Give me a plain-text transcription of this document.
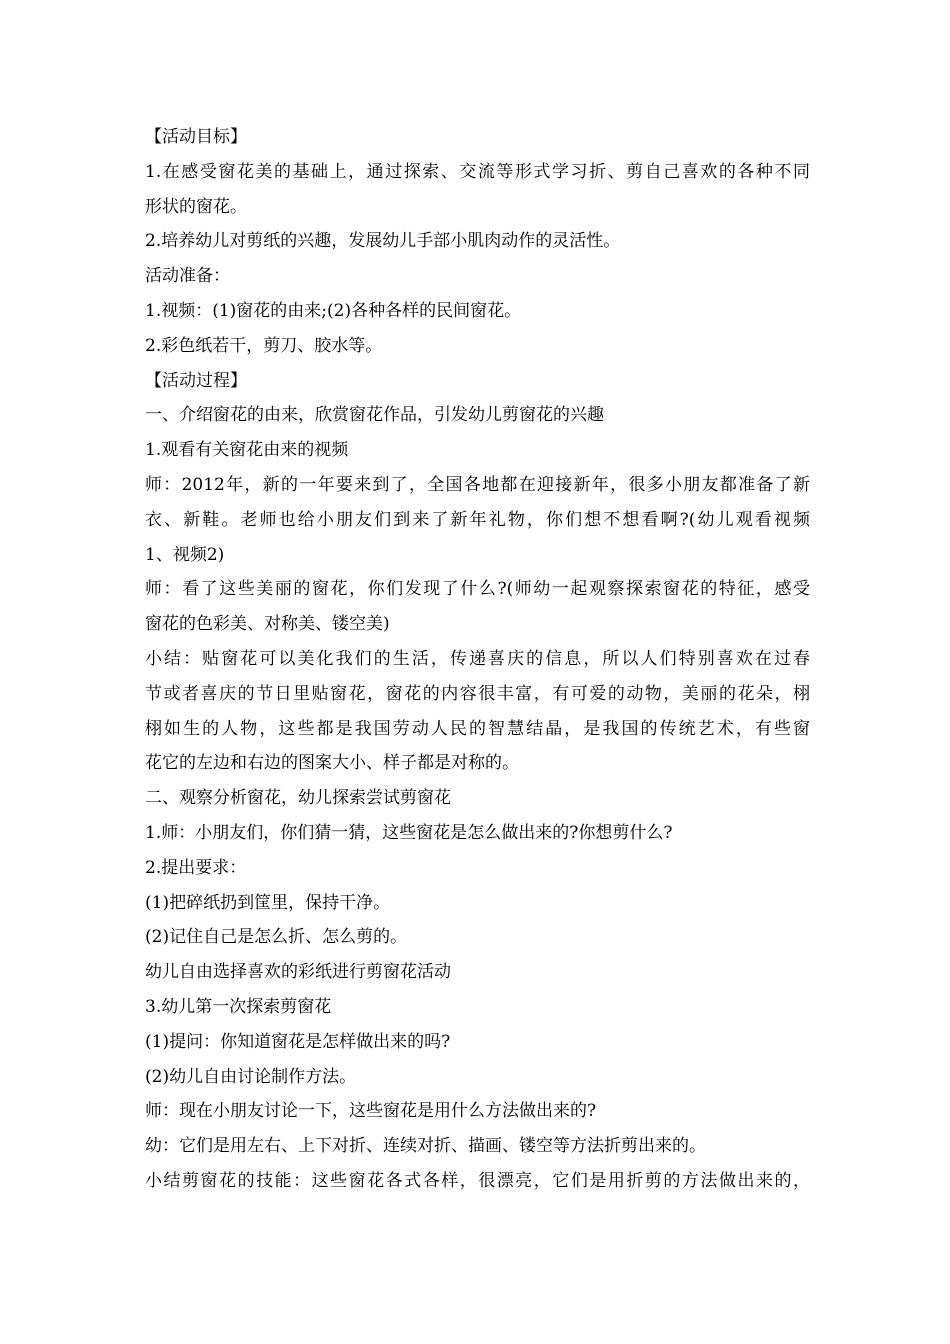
【活动目标】
1.在感受窗花美的基础上，通过探索、交流等形式学习折、剪自己喜欢的各种不同
形状的窗花。
2.培养幼儿对剪纸的兴趣，发展幼儿手部小肌肉动作的灵活性。
活动准备：
1.视频：(1)窗花的由来;(2)各种各样的民间窗花。
2.彩色纸若干，剪刀、胶水等。
【活动过程】
一、介绍窗花的由来，欣赏窗花作品，引发幼儿剪窗花的兴趣
1.观看有关窗花由来的视频
师：2012年，新的一年要来到了，全国各地都在迎接新年，很多小朋友都准备了新
衣、新鞋。老师也给小朋友们到来了新年礼物，你们想不想看啊?(幼儿观看视频
1、视频2)
师：看了这些美丽的窗花，你们发现了什么?(师幼一起观察探索窗花的特征，感受
窗花的色彩美、对称美、镂空美)
小结：贴窗花可以美化我们的生活，传递喜庆的信息，所以人们特别喜欢在过春
节或者喜庆的节日里贴窗花，窗花的内容很丰富，有可爱的动物，美丽的花朵，栩
栩如生的人物，这些都是我国劳动人民的智慧结晶，是我国的传统艺术，有些窗
花它的左边和右边的图案大小、样子都是对称的。
二、观察分析窗花，幼儿探索尝试剪窗花
1.师：小朋友们，你们猜一猜，这些窗花是怎么做出来的?你想剪什么?
2.提出要求：
(1)把碎纸扔到筐里，保持干净。
(2)记住自己是怎么折、怎么剪的。
幼儿自由选择喜欢的彩纸进行剪窗花活动
3.幼儿第一次探索剪窗花
(1)提问：你知道窗花是怎样做出来的吗?
(2)幼儿自由讨论制作方法。
师：现在小朋友讨论一下，这些窗花是用什么方法做出来的?
幼：它们是用左右、上下对折、连续对折、描画、镂空等方法折剪出来的。
小结剪窗花的技能：这些窗花各式各样，很漂亮，它们是用折剪的方法做出来的，
